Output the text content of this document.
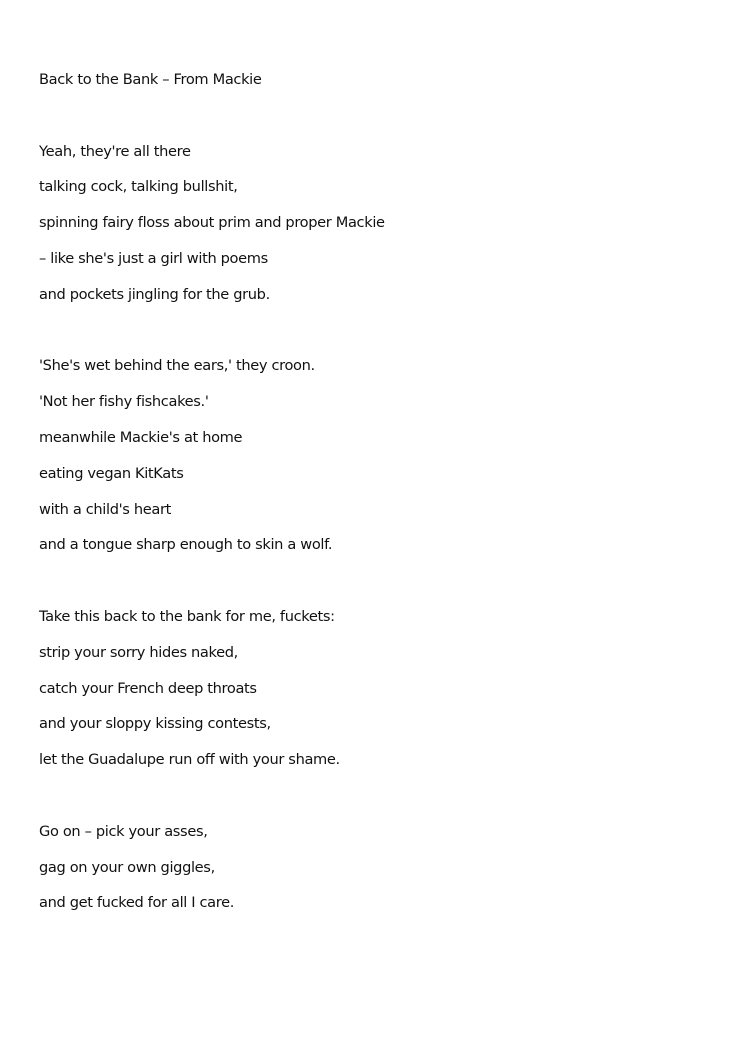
Back to the Bank – From Mackie
Yeah, they're all there
talking cock, talking bullshit,
spinning fairy floss about prim and proper Mackie
– like she's just a girl with poems
and pockets jingling for the grub.
'She's wet behind the ears,' they croon.
'Not her fishy fishcakes.'
meanwhile Mackie's at home
eating vegan KitKats
with a child's heart
and a tongue sharp enough to skin a wolf.
Take this back to the bank for me, fuckets:
strip your sorry hides naked,
catch your French deep throats
and your sloppy kissing contests,
let the Guadalupe run off with your shame.
Go on – pick your asses,
gag on your own giggles,
and get fucked for all I care.
